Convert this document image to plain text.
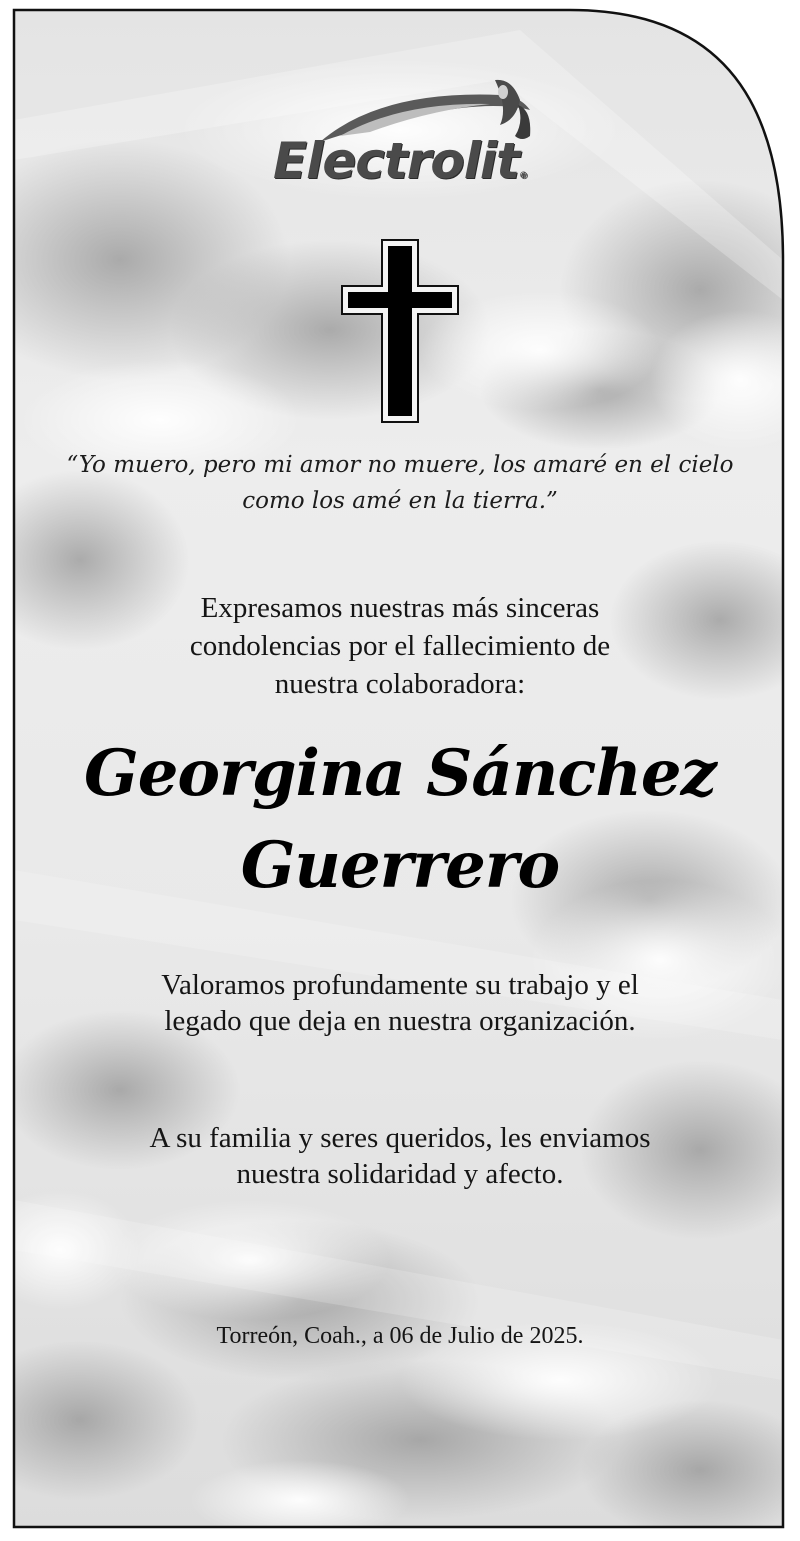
Electrolit®
“Yo muero, pero mi amor no muere, los amaré en el cielo
como los amé en la tierra.”
Expresamos nuestras más sinceras
condolencias por el fallecimiento de
nuestra colaboradora:
Georgina Sánchez
Guerrero
Valoramos profundamente su trabajo y el
legado que deja en nuestra organización.
A su familia y seres queridos, les enviamos
nuestra solidaridad y afecto.
Torreón, Coah., a 06 de Julio de 2025.
